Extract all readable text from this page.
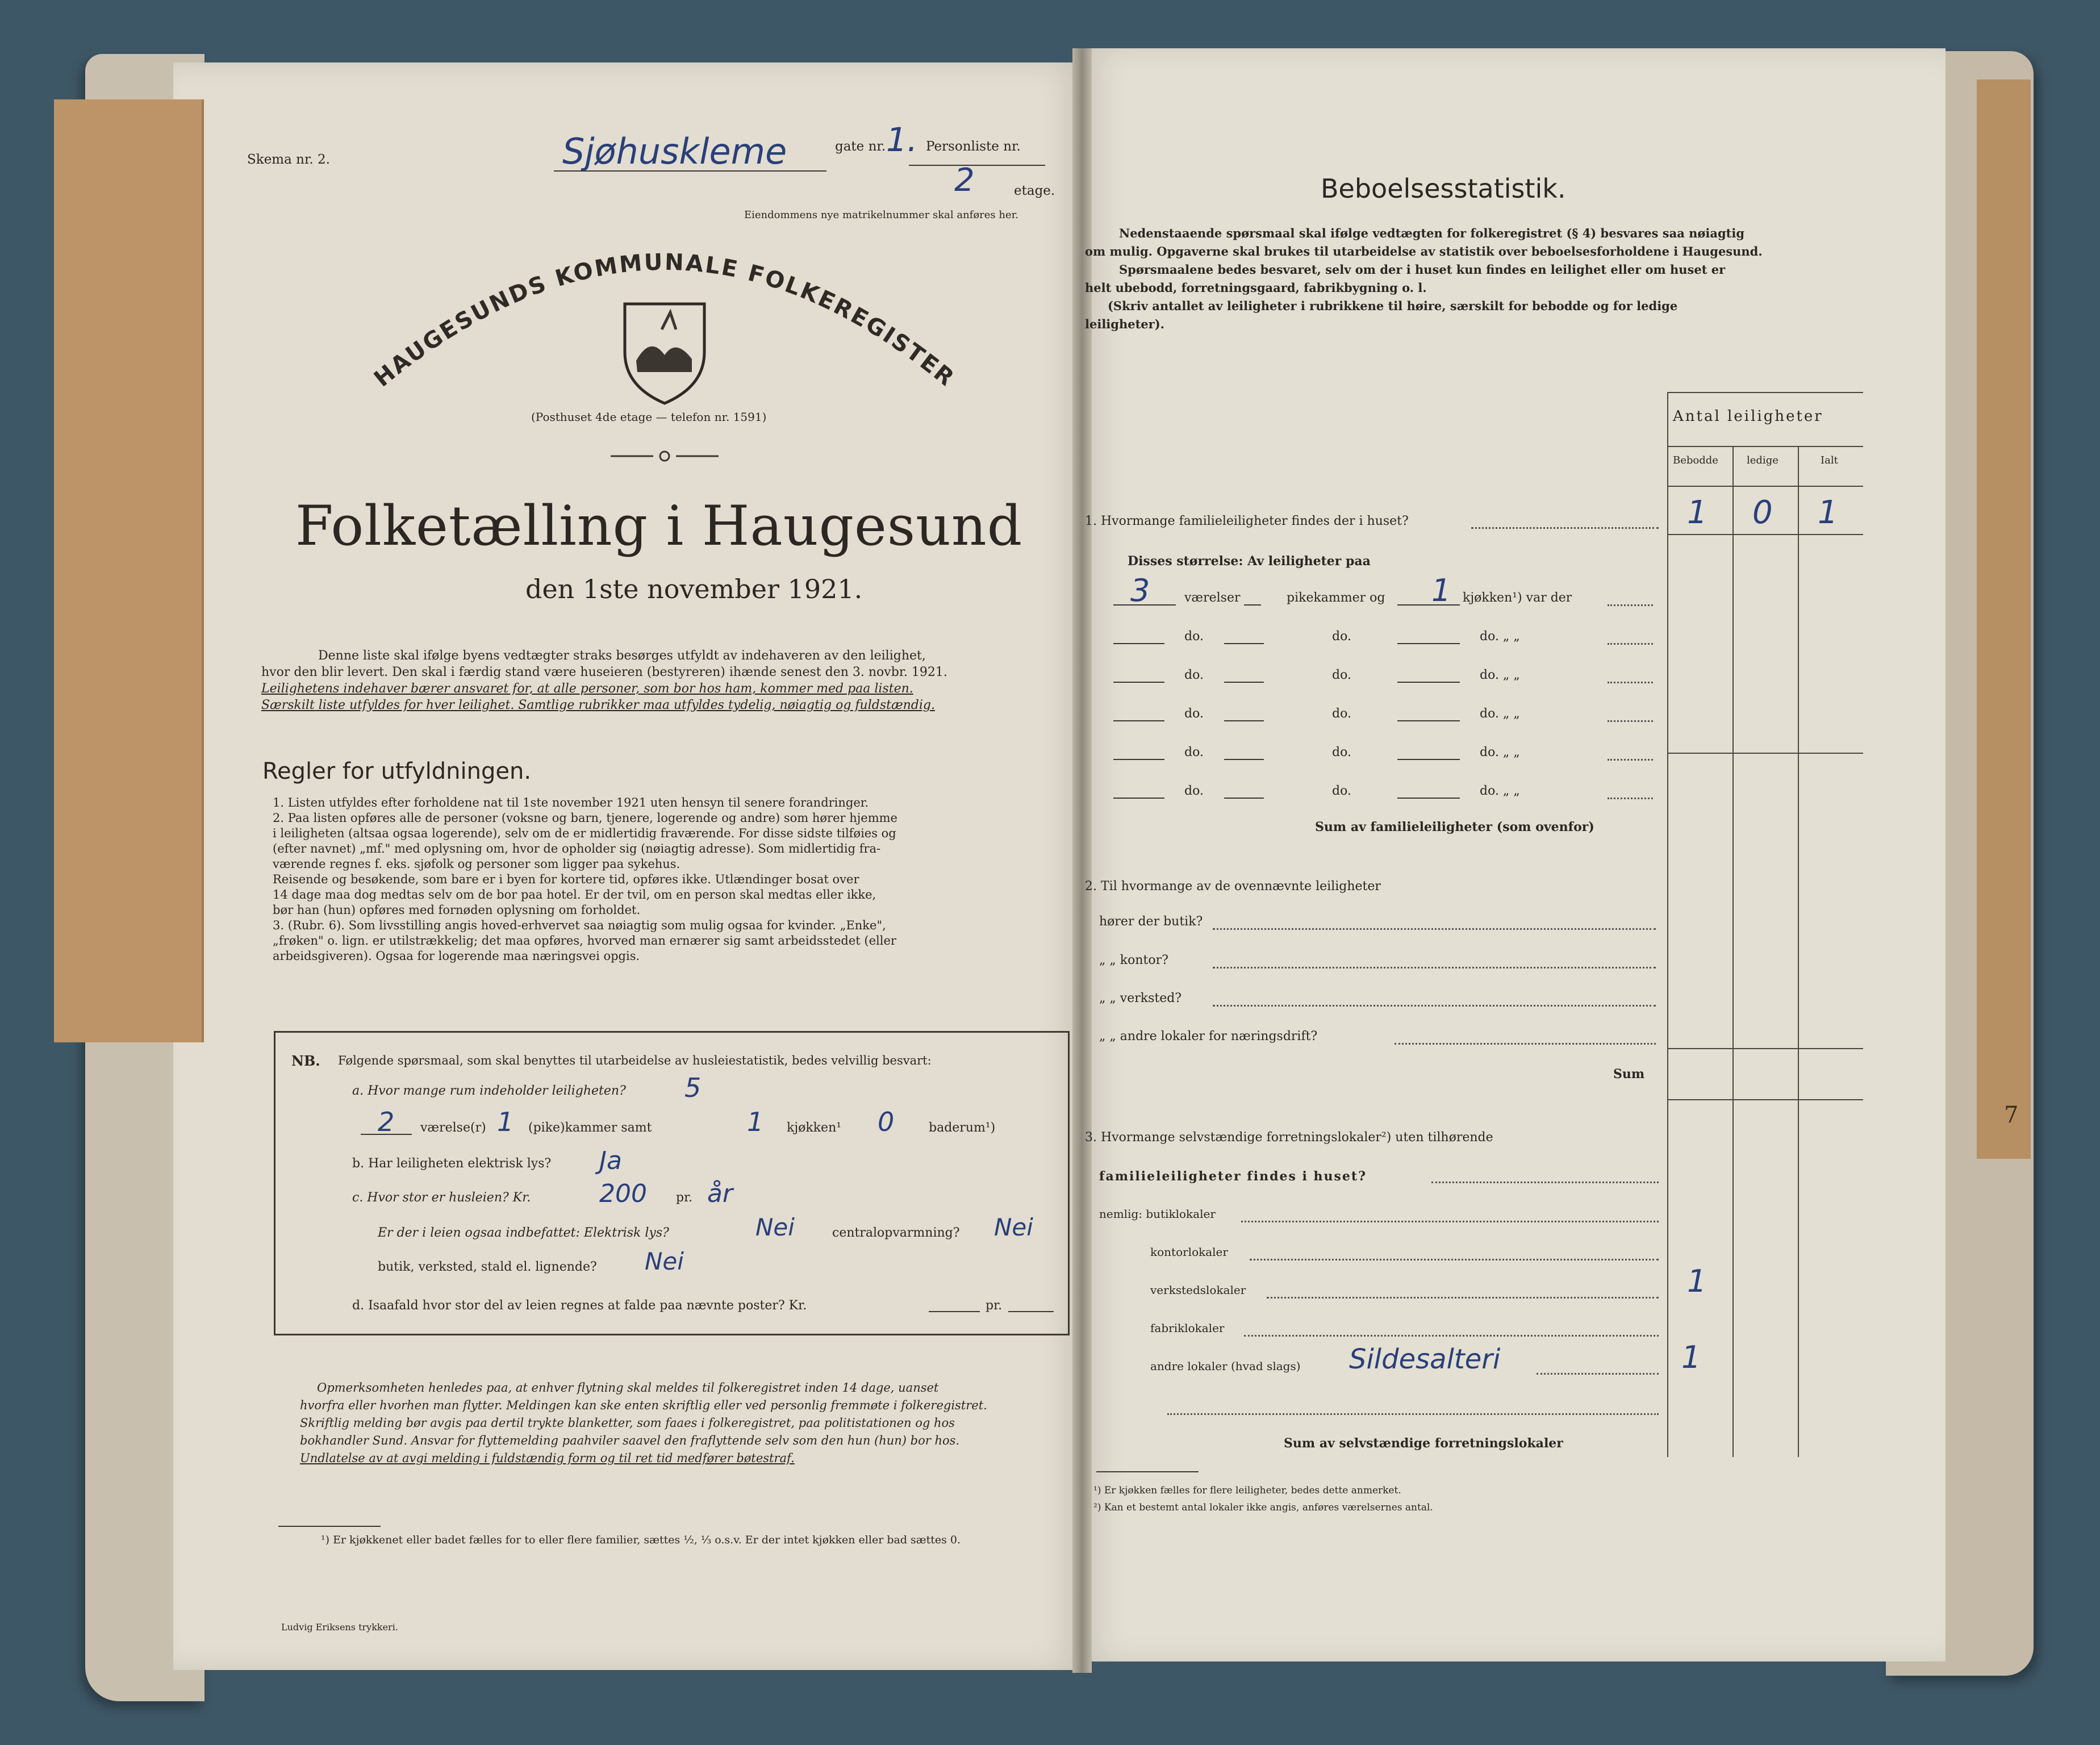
7
Skema nr. 2.	Sjøhuskleme	gate nr. 1. Personliste nr.
2	etage.
Eiendommens nye matrikelnummer skal anføres her.
HAUGESUNDS KOMMUNALE FOLKEREGISTER
(Posthuset 4de etage — telefon nr. 1591)
Folketælling i Haugesund
den 1ste november 1921.
Denne liste skal ifølge byens vedtægter straks besørges utfyldt av indehaveren av den leilighet,
hvor den blir levert. Den skal i færdig stand være huseieren (bestyreren) ihænde senest den 3. novbr. 1921.
Leilighetens indehaver bærer ansvaret for, at alle personer, som bor hos ham, kommer med paa listen.
Særskilt liste utfyldes for hver leilighet. Samtlige rubrikker maa utfyldes tydelig, nøiagtig og fuldstændig.
Regler for utfyldningen.
1. Listen utfyldes efter forholdene nat til 1ste november 1921 uten hensyn til senere forandringer.
2. Paa listen opføres alle de personer (voksne og barn, tjenere, logerende og andre) som hører hjemme
i leiligheten (altsaa ogsaa logerende), selv om de er midlertidig fraværende. For disse sidste tilføies og
(efter navnet) „mf." med oplysning om, hvor de opholder sig (nøiagtig adresse). Som midlertidig fra-
værende regnes f. eks. sjøfolk og personer som ligger paa sykehus.
Reisende og besøkende, som bare er i byen for kortere tid, opføres ikke. Utlændinger bosat over
14 dage maa dog medtas selv om de bor paa hotel. Er der tvil, om en person skal medtas eller ikke,
bør han (hun) opføres med fornøden oplysning om forholdet.
3. (Rubr. 6). Som livsstilling angis hoved-erhvervet saa nøiagtig som mulig ogsaa for kvinder. „Enke",
„frøken" o. lign. er utilstrækkelig; det maa opføres, hvorved man ernærer sig samt arbeidsstedet (eller
arbeidsgiveren). Ogsaa for logerende maa næringsvei opgis.
NB. Følgende spørsmaal, som skal benyttes til utarbeidelse av husleiestatistik, bedes velvillig besvart:
a. Hvor mange rum indeholder leiligheten? 5
2 værelse(r) 1 (pike)kammer samt	1 kjøkken¹ 0	baderum¹)
b. Har leiligheten elektrisk lys? Ja
c. Hvor stor er husleien? Kr.	200 pr. år
Er der i leien ogsaa indbefattet: Elektrisk lys?	Nei	centralopvarmning? Nei
butik, verksted, stald el. lignende? Nei
d. Isaafald hvor stor del av leien regnes at falde paa nævnte poster? Kr.	pr.
Opmerksomheten henledes paa, at enhver flytning skal meldes til folkeregistret inden 14 dage, uanset
hvorfra eller hvorhen man flytter. Meldingen kan ske enten skriftlig eller ved personlig fremmøte i folkeregistret.
Skriftlig melding bør avgis paa dertil trykte blanketter, som faaes i folkeregistret, paa politistationen og hos
bokhandler Sund. Ansvar for flyttemelding paahviler saavel den fraflyttende selv som den hun (hun) bor hos.
Undlatelse av at avgi melding i fuldstændig form og til ret tid medfører bøtestraf.
¹) Er kjøkkenet eller badet fælles for to eller flere familier, sættes ½, ⅓ o.s.v. Er der intet kjøkken eller bad sættes 0.
Ludvig Eriksens trykkeri.
Beboelsesstatistik.
Nedenstaaende spørsmaal skal ifølge vedtægten for folkeregistret (§ 4) besvares saa nøiagtig
om mulig. Opgaverne skal brukes til utarbeidelse av statistik over beboelsesforholdene i Haugesund.
Spørsmaalene bedes besvaret, selv om der i huset kun findes en leilighet eller om huset er
helt ubebodd, forretningsgaard, fabrikbygning o. l.
(Skriv antallet av leiligheter i rubrikkene til høire, særskilt for bebodde og for ledige
leiligheter).
Antal leiligheter
Bebodde	ledige	Ialt
1. Hvormange familieleiligheter findes der i huset?	1 0 1
Disses størrelse: Av leiligheter paa
3	værelser	pikekammer og 1 kjøkken¹) var der
do.	do.	do. „ „
do.	do.	do. „ „
do.	do.	do. „ „
do.	do.	do. „ „
do.	do.	do. „ „
Sum av familieleiligheter (som ovenfor)
2. Til hvormange av de ovennævnte leiligheter
hører der butik?
„ „ kontor?
„ „ verksted?
„ „ andre lokaler for næringsdrift?
Sum
3. Hvormange selvstændige forretningslokaler²) uten tilhørende
familieleiligheter findes i huset?
nemlig: butiklokaler
kontorlokaler
verkstedslokaler	1
fabriklokaler
andre lokaler (hvad slags) Sildesalteri	1
Sum av selvstændige forretningslokaler
¹) Er kjøkken fælles for flere leiligheter, bedes dette anmerket.
²) Kan et bestemt antal lokaler ikke angis, anføres værelsernes antal.
